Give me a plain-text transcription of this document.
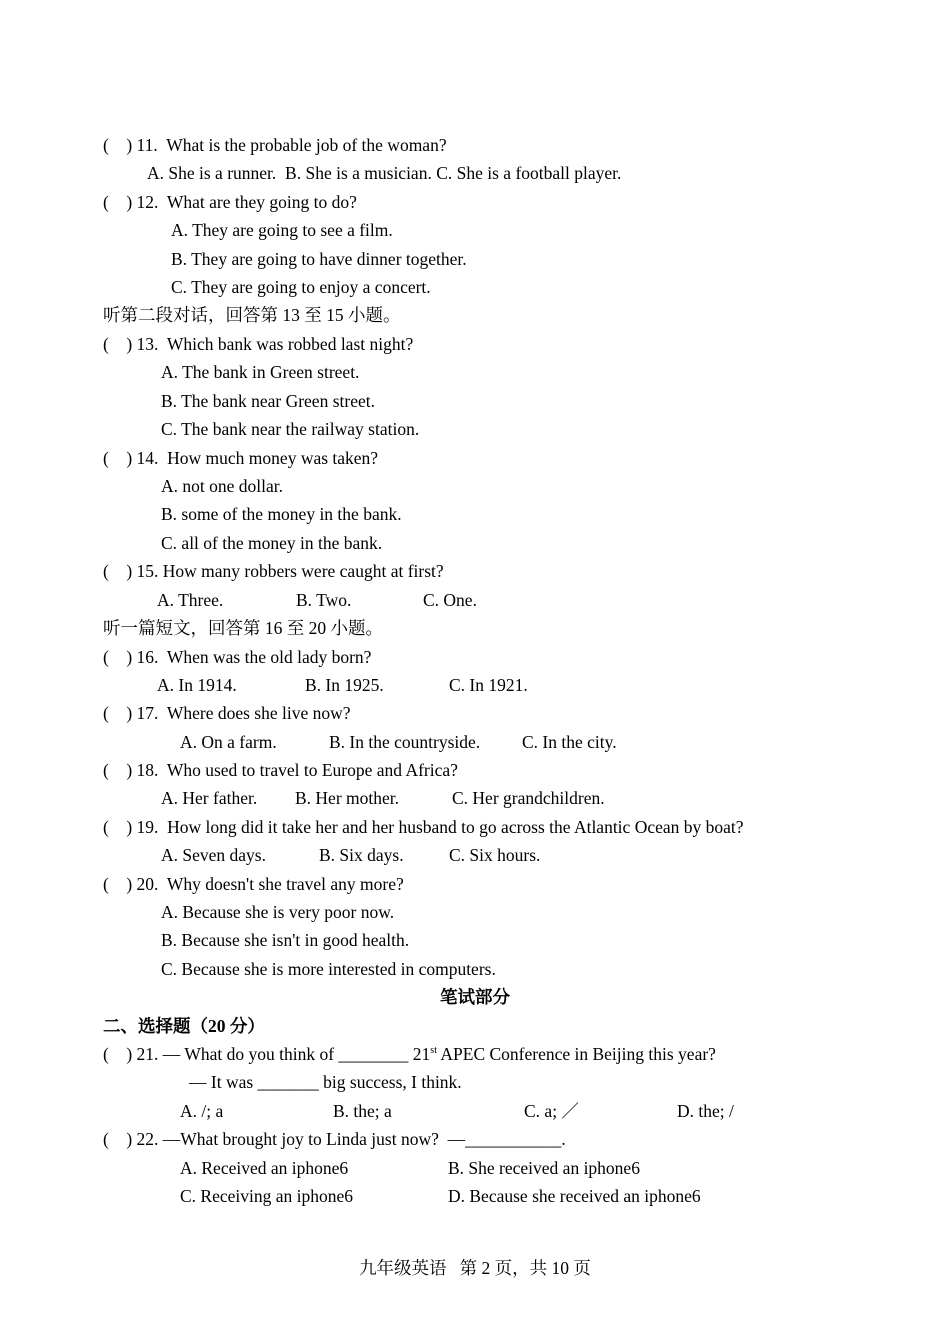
(    ) 11.  What is the probable job of the woman?
A. She is a runner.  B. She is a musician. C. She is a football player.
(    ) 12.  What are they going to do?
A. They are going to see a film.
B. They are going to have dinner together.
C. They are going to enjoy a concert.
听第二段对话，回答第 13 至 15 小题。
(    ) 13.  Which bank was robbed last night?
A. The bank in Green street.
B. The bank near Green street.
C. The bank near the railway station.
(    ) 14.  How much money was taken?
A. not one dollar.
B. some of the money in the bank.
C. all of the money in the bank.
(    ) 15. How many robbers were caught at first?
A. Three.	B. Two.	C. One.
听一篇短文，回答第 16 至 20 小题。
(    ) 16.  When was the old lady born?
A. In 1914.	B. In 1925.	C. In 1921.
(    ) 17.  Where does she live now?
A. On a farm.	B. In the countryside. C. In the city.
(    ) 18.  Who used to travel to Europe and Africa?
A. Her father. B. Her mother.	C. Her grandchildren.
(    ) 19.  How long did it take her and her husband to go across the Atlantic Ocean by boat?
A. Seven days.	B. Six days.	C. Six hours.
(    ) 20.  Why doesn't she travel any more?
A. Because she is very poor now.
B. Because she isn't in good health.
C. Because she is more interested in computers.
笔试部分
二、选择题（20 分）
(    ) 21. — What do you think of ________ 21st APEC Conference in Beijing this year?
— It was _______ big success, I think.
A. /; a	B. the; a	C. a; ／	D. the; /
(    ) 22. —What brought joy to Linda just now?  —___________.
A. Received an iphone6	B. She received an iphone6
C. Receiving an iphone6	D. Because she received an iphone6
九年级英语   第 2 页，共 10 页
